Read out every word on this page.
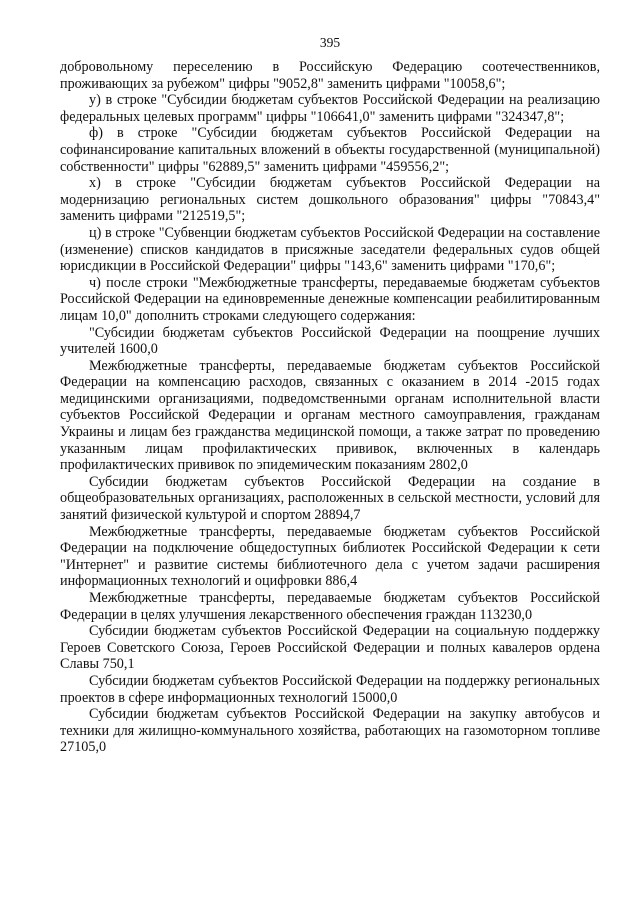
395

добровольному переселению в Российскую Федерацию соотечественников, проживающих за рубежом" цифры "9052,8" заменить цифрами "10058,6";

у) в строке "Субсидии бюджетам субъектов Российской Федерации на реализацию федеральных целевых программ" цифры "106641,0" заменить цифрами "324347,8";

ф) в строке "Субсидии бюджетам субъектов Российской Федерации на софинансирование капитальных вложений в объекты государственной (муниципальной) собственности" цифры "62889,5" заменить цифрами "459556,2";

х) в строке "Субсидии бюджетам субъектов Российской Федерации на модернизацию региональных систем дошкольного образования" цифры "70843,4" заменить цифрами "212519,5";

ц) в строке "Субвенции бюджетам субъектов Российской Федерации на составление (изменение) списков кандидатов в присяжные заседатели федеральных судов общей юрисдикции в Российской Федерации" цифры "143,6" заменить цифрами "170,6";

ч) после строки "Межбюджетные трансферты, передаваемые бюджетам субъектов Российской Федерации на единовременные денежные компенсации реабилитированным лицам 10,0" дополнить строками следующего содержания:

"Субсидии бюджетам субъектов Российской Федерации на поощрение лучших учителей 1600,0

Межбюджетные трансферты, передаваемые бюджетам субъектов Российской Федерации на компенсацию расходов, связанных с оказанием в 2014 -2015 годах медицинскими организациями, подведомственными органам исполнительной власти субъектов Российской Федерации и органам местного самоуправления, гражданам Украины и лицам без гражданства медицинской помощи, а также затрат по проведению указанным лицам профилактических прививок, включенных в календарь профилактических прививок по эпидемическим показаниям 2802,0

Субсидии бюджетам субъектов Российской Федерации на создание в общеобразовательных организациях, расположенных в сельской местности, условий для занятий физической культурой и спортом 28894,7

Межбюджетные трансферты, передаваемые бюджетам субъектов Российской Федерации на подключение общедоступных библиотек Российской Федерации к сети "Интернет" и развитие системы библиотечного дела с учетом задачи расширения информационных технологий и оцифровки 886,4

Межбюджетные трансферты, передаваемые бюджетам субъектов Российской Федерации в целях улучшения лекарственного обеспечения граждан 113230,0

Субсидии бюджетам субъектов Российской Федерации на социальную поддержку Героев Советского Союза, Героев Российской Федерации и полных кавалеров ордена Славы 750,1

Субсидии бюджетам субъектов Российской Федерации на поддержку региональных проектов в сфере информационных технологий 15000,0

Субсидии бюджетам субъектов Российской Федерации на закупку автобусов и техники для жилищно-коммунального хозяйства, работающих на газомоторном топливе 27105,0
